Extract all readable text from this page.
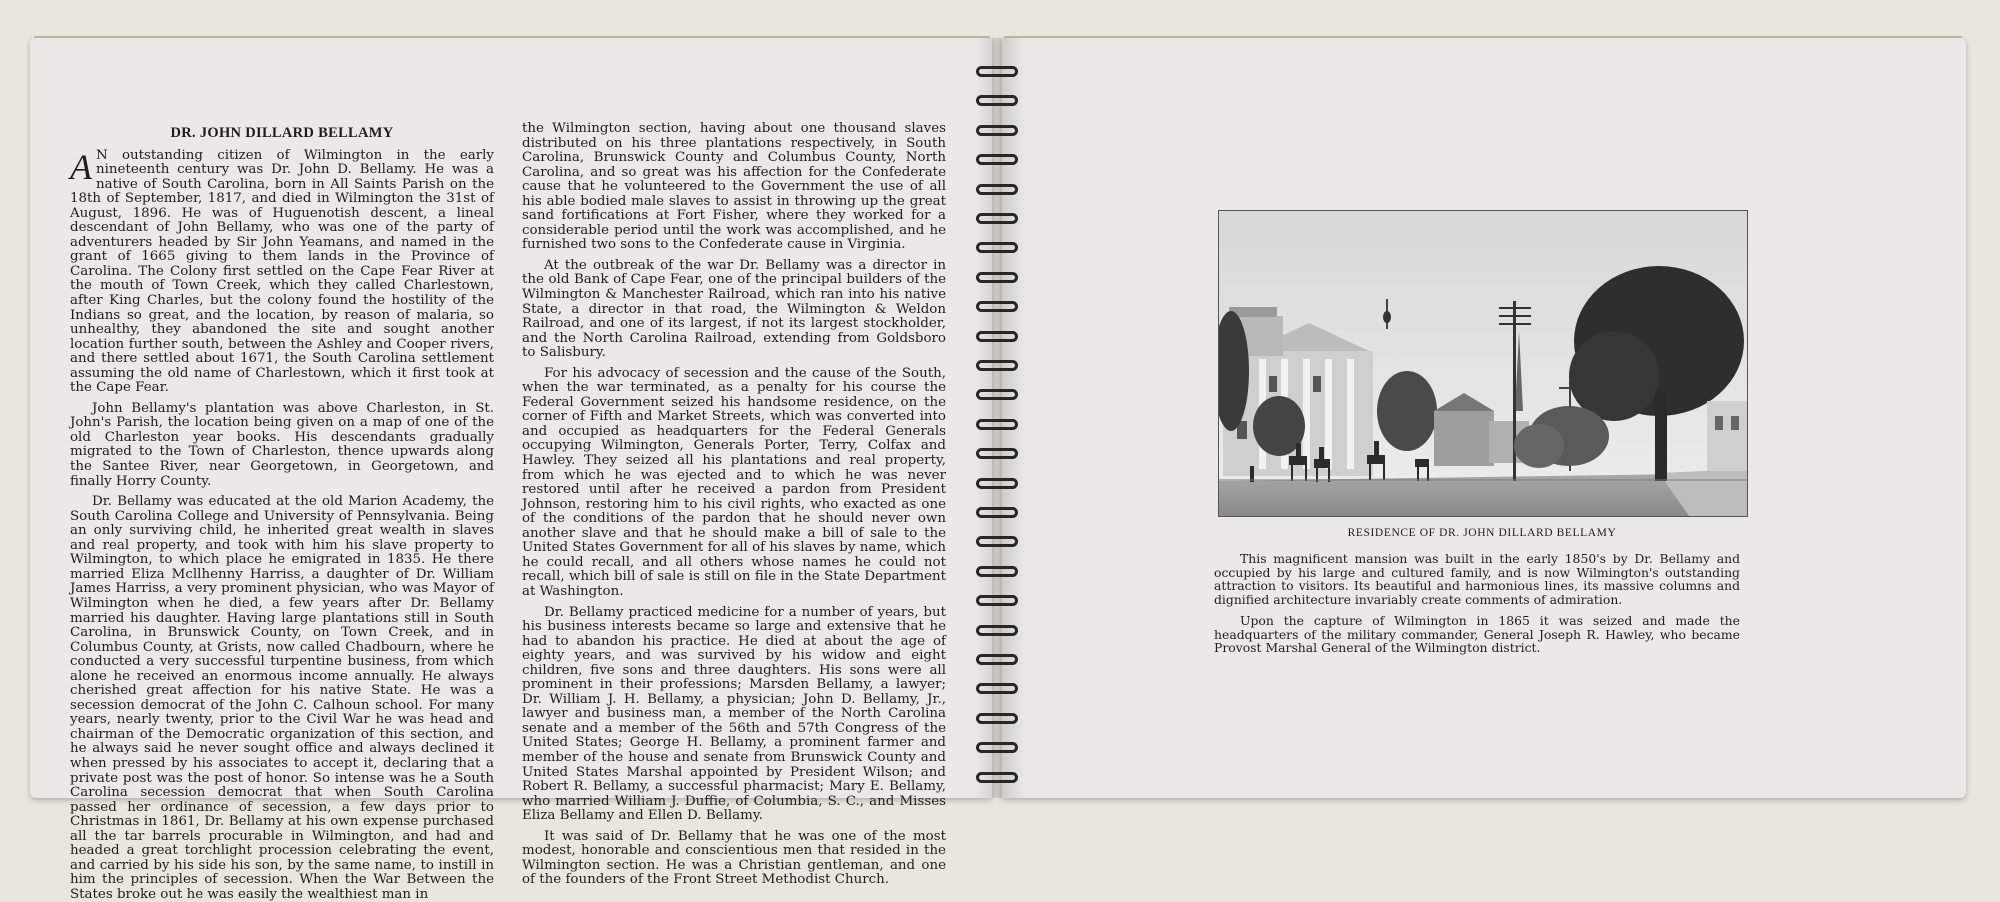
DR. JOHN DILLARD BELLAMY

A N outstanding citizen of Wilmington in the early nineteenth century was Dr. John D. Bellamy. He was a native of South Carolina, born in All Saints Parish on the 18th of September, 1817, and died in Wilmington the 31st of August, 1896. He was of Huguenotish descent, a lineal descendant of John Bellamy, who was one of the party of adventurers headed by Sir John Yeamans, and named in the grant of 1665 giving to them lands in the Province of Carolina. The Colony first settled on the Cape Fear River at the mouth of Town Creek, which they called Charlestown, after King Charles, but the colony found the hostility of the Indians so great, and the location, by reason of malaria, so unhealthy, they abandoned the site and sought another location further south, between the Ashley and Cooper rivers, and there settled about 1671, the South Carolina settlement assuming the old name of Charlestown, which it first took at the Cape Fear.

John Bellamy's plantation was above Charleston, in St. John's Parish, the location being given on a map of one of the old Charleston year books. His descendants gradually migrated to the Town of Charleston, thence upwards along the Santee River, near Georgetown, in Georgetown, and finally Horry County.

Dr. Bellamy was educated at the old Marion Academy, the South Carolina College and University of Pennsylvania. Being an only surviving child, he inherited great wealth in slaves and real property, and took with him his slave property to Wilmington, to which place he emigrated in 1835. He there married Eliza Mcllhenny Harriss, a daughter of Dr. William James Harriss, a very prominent physician, who was Mayor of Wilmington when he died, a few years after Dr. Bellamy married his daughter. Having large plantations still in South Carolina, in Brunswick County, on Town Creek, and in Columbus County, at Grists, now called Chadbourn, where he conducted a very successful turpentine business, from which alone he received an enormous income annually. He always cherished great affection for his native State. He was a secession democrat of the John C. Calhoun school. For many years, nearly twenty, prior to the Civil War he was head and chairman of the Democratic organization of this section, and he always said he never sought office and always declined it when pressed by his associates to accept it, declaring that a private post was the post of honor. So intense was he a South Carolina secession democrat that when South Carolina passed her ordinance of secession, a few days prior to Christmas in 1861, Dr. Bellamy at his own expense purchased all the tar barrels procurable in Wilmington, and had and headed a great torchlight procession celebrating the event, and carried by his side his son, by the same name, to instill in him the principles of secession. When the War Between the States broke out he was easily the wealthiest man in

the Wilmington section, having about one thousand slaves distributed on his three plantations respectively, in South Carolina, Brunswick County and Columbus County, North Carolina, and so great was his affection for the Confederate cause that he volunteered to the Government the use of all his able bodied male slaves to assist in throwing up the great sand fortifications at Fort Fisher, where they worked for a considerable period until the work was accomplished, and he furnished two sons to the Confederate cause in Virginia.

At the outbreak of the war Dr. Bellamy was a director in the old Bank of Cape Fear, one of the principal builders of the Wilmington & Manchester Railroad, which ran into his native State, a director in that road, the Wilmington & Weldon Railroad, and one of its largest, if not its largest stockholder, and the North Carolina Railroad, extending from Goldsboro to Salisbury.

For his advocacy of secession and the cause of the South, when the war terminated, as a penalty for his course the Federal Government seized his handsome residence, on the corner of Fifth and Market Streets, which was converted into and occupied as headquarters for the Federal Generals occupying Wilmington, Generals Porter, Terry, Colfax and Hawley. They seized all his plantations and real property, from which he was ejected and to which he was never restored until after he received a pardon from President Johnson, restoring him to his civil rights, who exacted as one of the conditions of the pardon that he should never own another slave and that he should make a bill of sale to the United States Government for all of his slaves by name, which he could recall, and all others whose names he could not recall, which bill of sale is still on file in the State Department at Washington.

Dr. Bellamy practiced medicine for a number of years, but his business interests became so large and extensive that he had to abandon his practice. He died at about the age of eighty years, and was survived by his widow and eight children, five sons and three daughters. His sons were all prominent in their professions; Marsden Bellamy, a lawyer; Dr. William J. H. Bellamy, a physician; John D. Bellamy, Jr., lawyer and business man, a member of the North Carolina senate and a member of the 56th and 57th Congress of the United States; George H. Bellamy, a prominent farmer and member of the house and senate from Brunswick County and United States Marshal appointed by President Wilson; and Robert R. Bellamy, a successful pharmacist; Mary E. Bellamy, who married William J. Duffie, of Columbia, S. C., and Misses Eliza Bellamy and Ellen D. Bellamy.

It was said of Dr. Bellamy that he was one of the most modest, honorable and conscientious men that resided in the Wilmington section. He was a Christian gentleman, and one of the founders of the Front Street Methodist Church.

RESIDENCE OF DR. JOHN DILLARD BELLAMY

This magnificent mansion was built in the early 1850's by Dr. Bellamy and occupied by his large and cultured family, and is now Wilmington's outstanding attraction to visitors. Its beautiful and harmonious lines, its massive columns and dignified architecture invariably create comments of admiration.

Upon the capture of Wilmington in 1865 it was seized and made the headquarters of the military commander, General Joseph R. Hawley, who became Provost Marshal General of the Wilmington district.
